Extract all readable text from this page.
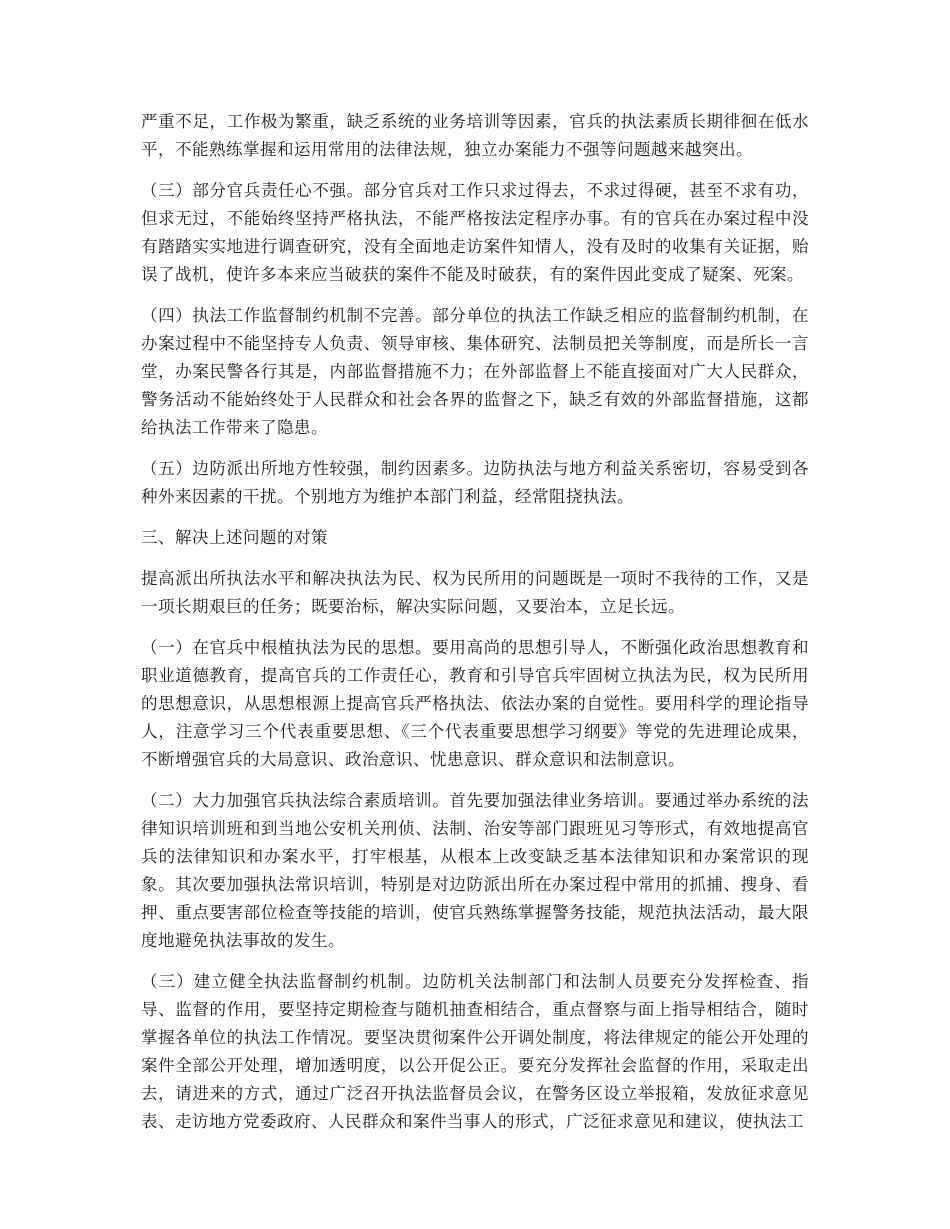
严重不足，工作极为繁重，缺乏系统的业务培训等因素，官兵的执法素质长期徘徊在低水平，不能熟练掌握和运用常用的法律法规，独立办案能力不强等问题越来越突出。

（三）部分官兵责任心不强。部分官兵对工作只求过得去，不求过得硬，甚至不求有功，但求无过，不能始终坚持严格执法，不能严格按法定程序办事。有的官兵在办案过程中没有踏踏实实地进行调查研究，没有全面地走访案件知情人，没有及时的收集有关证据，贻误了战机，使许多本来应当破获的案件不能及时破获，有的案件因此变成了疑案、死案。

（四）执法工作监督制约机制不完善。部分单位的执法工作缺乏相应的监督制约机制，在办案过程中不能坚持专人负责、领导审核、集体研究、法制员把关等制度，而是所长一言堂，办案民警各行其是，内部监督措施不力；在外部监督上不能直接面对广大人民群众，警务活动不能始终处于人民群众和社会各界的监督之下，缺乏有效的外部监督措施，这都给执法工作带来了隐患。

（五）边防派出所地方性较强，制约因素多。边防执法与地方利益关系密切，容易受到各种外来因素的干扰。个别地方为维护本部门利益，经常阻挠执法。

三、解决上述问题的对策

提高派出所执法水平和解决执法为民、权为民所用的问题既是一项时不我待的工作，又是一项长期艰巨的任务；既要治标，解决实际问题，又要治本，立足长远。

（一）在官兵中根植执法为民的思想。要用高尚的思想引导人，不断强化政治思想教育和职业道德教育，提高官兵的工作责任心，教育和引导官兵牢固树立执法为民，权为民所用的思想意识，从思想根源上提高官兵严格执法、依法办案的自觉性。要用科学的理论指导人，注意学习三个代表重要思想、《三个代表重要思想学习纲要》等党的先进理论成果，不断增强官兵的大局意识、政治意识、忧患意识、群众意识和法制意识。

（二）大力加强官兵执法综合素质培训。首先要加强法律业务培训。要通过举办系统的法律知识培训班和到当地公安机关刑侦、法制、治安等部门跟班见习等形式，有效地提高官兵的法律知识和办案水平，打牢根基，从根本上改变缺乏基本法律知识和办案常识的现象。其次要加强执法常识培训，特别是对边防派出所在办案过程中常用的抓捕、搜身、看押、重点要害部位检查等技能的培训，使官兵熟练掌握警务技能，规范执法活动，最大限度地避免执法事故的发生。

（三）建立健全执法监督制约机制。边防机关法制部门和法制人员要充分发挥检查、指导、监督的作用，要坚持定期检查与随机抽查相结合，重点督察与面上指导相结合，随时掌握各单位的执法工作情况。要坚决贯彻案件公开调处制度，将法律规定的能公开处理的案件全部公开处理，增加透明度，以公开促公正。要充分发挥社会监督的作用，采取走出去，请进来的方式，通过广泛召开执法监督员会议，在警务区设立举报箱，发放征求意见表、走访地方党委政府、人民群众和案件当事人的形式，广泛征求意见和建议，使执法工
